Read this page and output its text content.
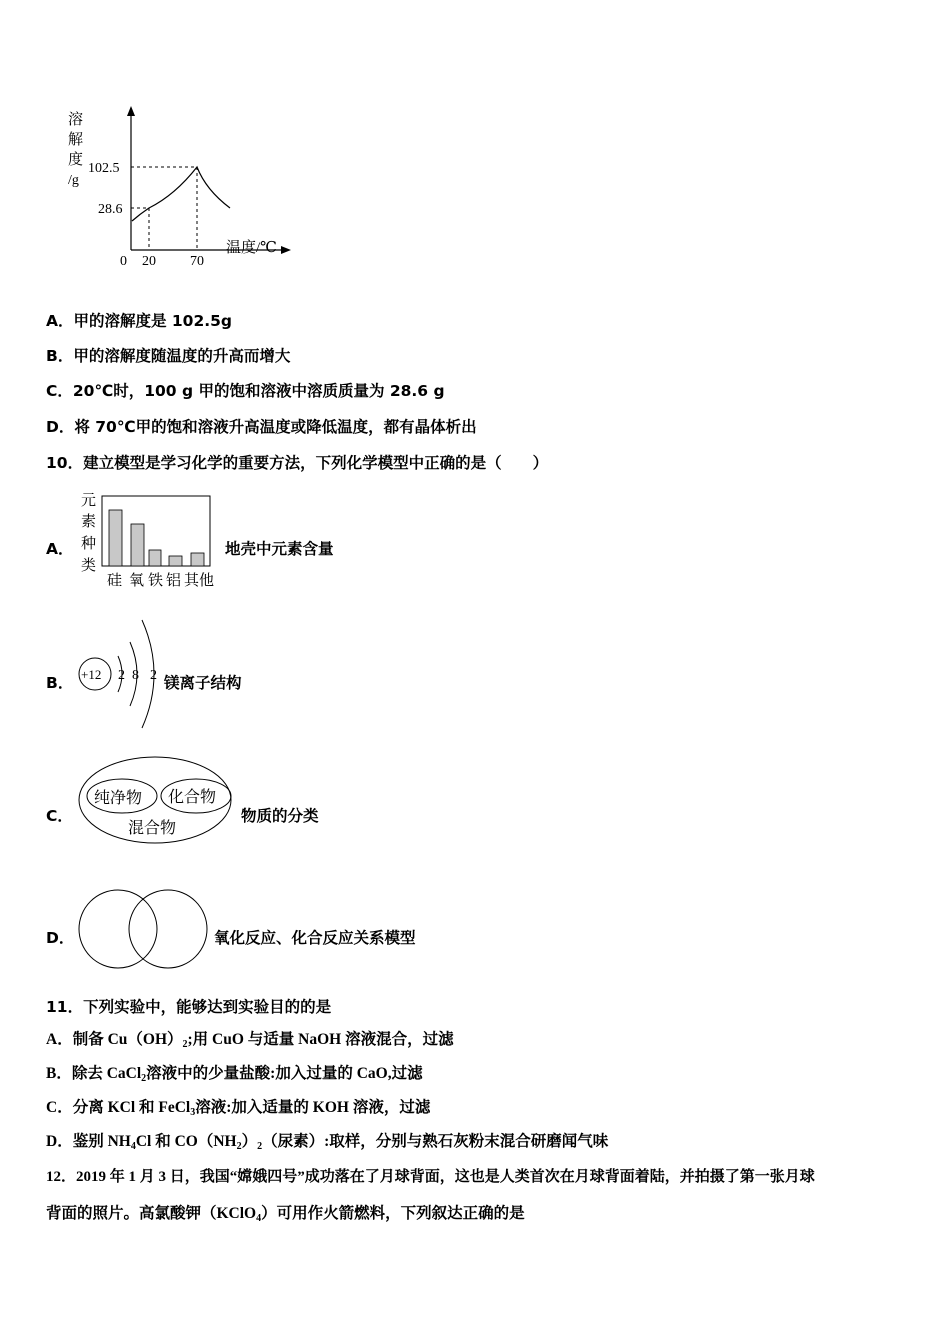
溶
解
度
/g
102.5
28.6
0 20 70
温度/℃
A．甲的溶解度是 102.5g
B．甲的溶解度随温度的升高而增大
C．20℃时，100 g 甲的饱和溶液中溶质质量为 28.6 g
D．将 70℃甲的饱和溶液升高温度或降低温度，都有晶体析出
10．建立模型是学习化学的重要方法，下列化学模型中正确的是（　　）
A．
元
素
种
类
硅 氧 铁 铝 其他
地壳中元素含量
B． +12 2 8 2 镁离子结构
C．
纯净物 化合物
混合物
物质的分类
D．	氧化反应、化合反应关系模型
11．下列实验中，能够达到实验目的的是
A．制备 $Cu(OH)_2$;用 CuO 与适量 NaOH 溶液混合，过滤
B．除去 CaCl$_2$溶液中的少量盐酸:加入过量的 CaO,过滤
C．分离 KCl 和 FeCl$_3$溶液:加入适量的 KOH 溶液，过滤
D．鉴别 $NH_4Cl$ 和 $CO(NH_2)_2$（尿素）:取样，分别与熟石灰粉末混合研磨闻气味
12．2019 年 1 月 3 日，我国“嫦娥四号”成功落在了月球背面，这也是人类首次在月球背面着陆，并拍摄了第一张月球
背面的照片。高氯酸钾（KClO$_4$）可用作火箭燃料，下列叙达正确的是
